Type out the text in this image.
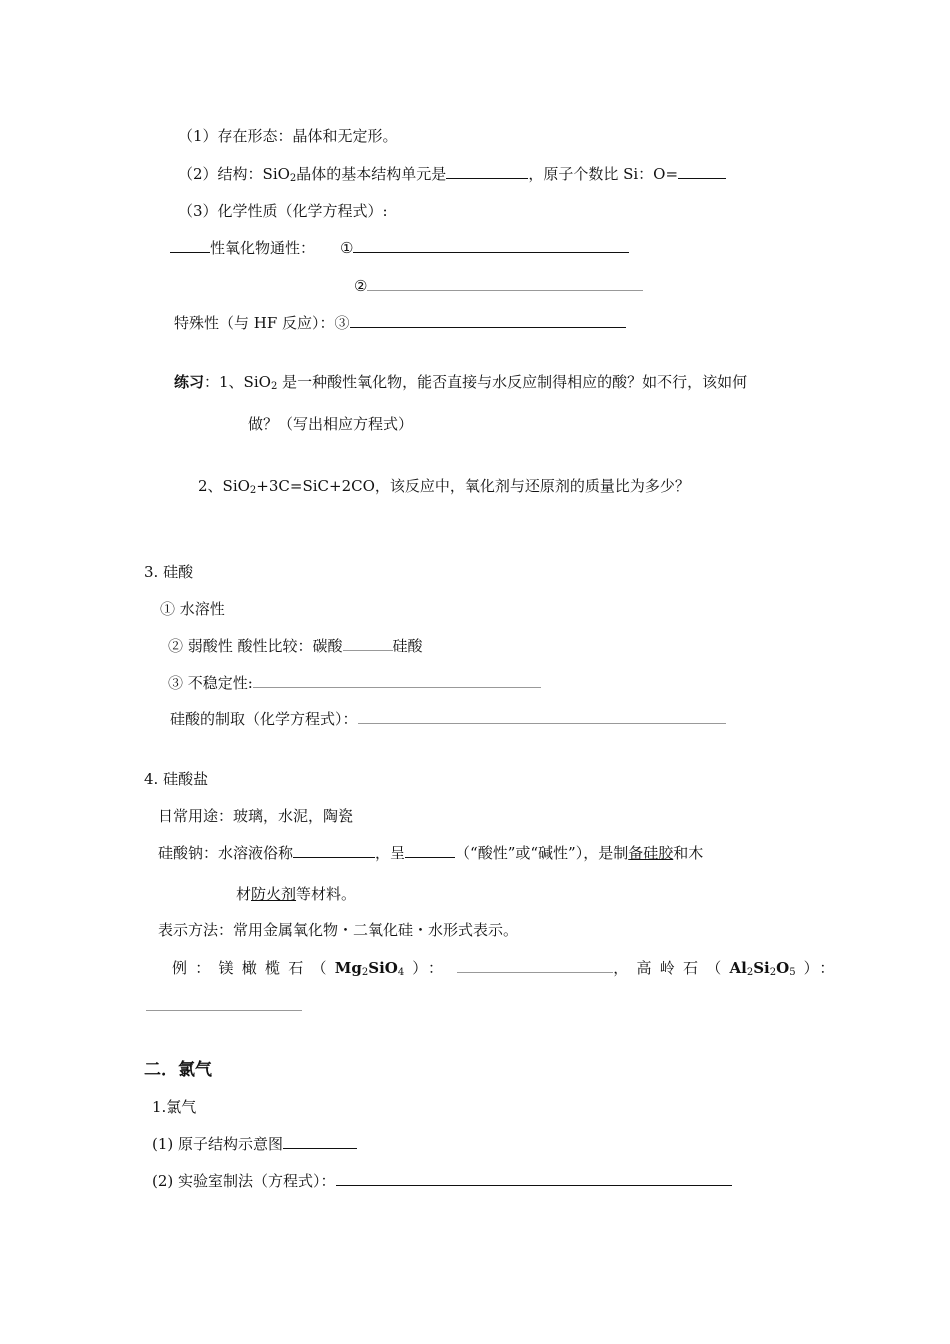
（1）存在形态：晶体和无定形。
（2）结构：SiO$_2$晶体的基本结构单元是	，原子个数比 Si：O=
（3）化学性质（化学方程式）:
性氧化物通性： ①
②
特殊性（与 HF 反应）：③
练习：1、SiO$_2$ 是一种酸性氧化物，能否直接与水反应制得相应的酸？如不行，该如何
做？（写出相应方程式）
2、SiO$_2$+3C=SiC+2CO，该反应中，氧化剂与还原剂的质量比为多少？
3. 硅酸
① 水溶性
② 弱酸性 酸性比较：碳酸	硅酸
③ 不稳定性:
硅酸的制取（化学方程式）：
4. 硅酸盐
日常用途：玻璃，水泥，陶瓷
硅酸钠：水溶液俗称	，呈	（“酸性”或“碱性”），是制备硅胶和木
材防火剂等材料。
表示方法：常用金属氧化物・二氧化硅・水形式表示。
例：镁橄榄石（$Mg_2SiO_4$ ）：	，高岭石（$Al_2Si_2O_5$ ）：
二．氯气
1.氯气
(1) 原子结构示意图
(2) 实验室制法（方程式）：
